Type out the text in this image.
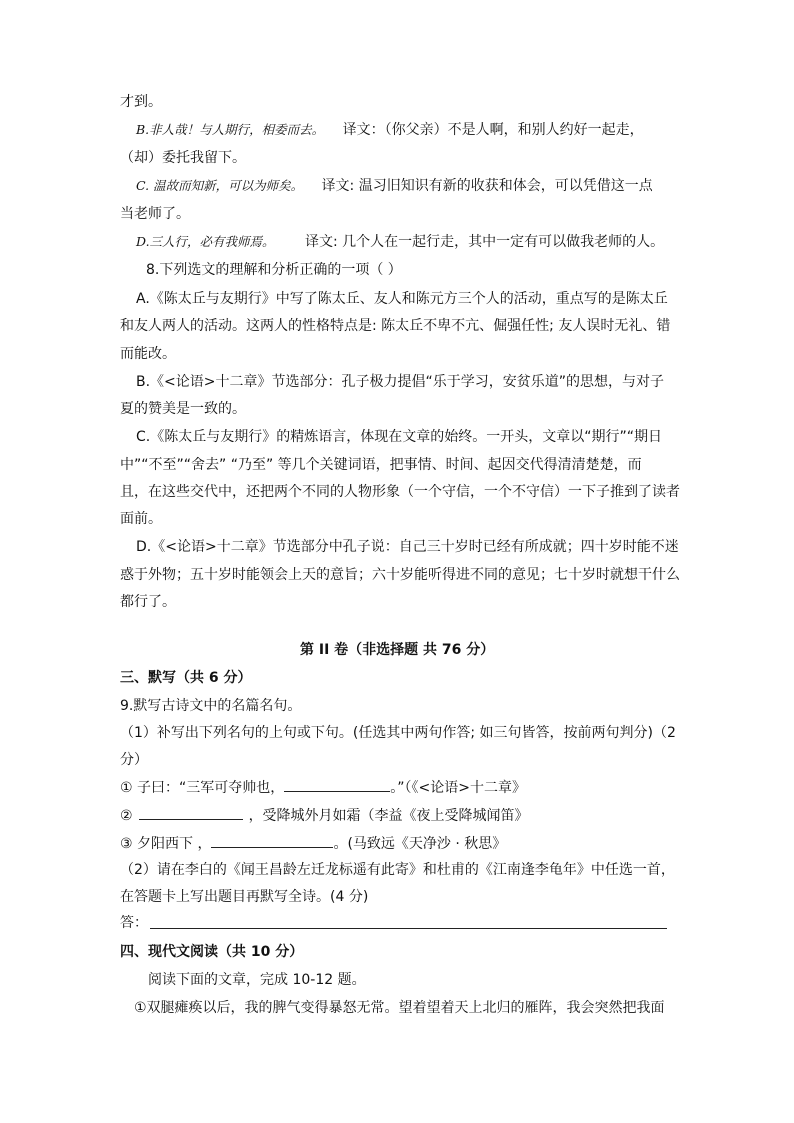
才到。
B.非人哉！与人期行，相委而去。 译文：（你父亲）不是人啊，和别人约好一起走，
（却）委托我留下。
C. 温故而知新，可以为师矣。 译文: 温习旧知识有新的收获和体会，可以凭借这一点
当老师了。
D.三人行，必有我师焉。 译文: 几个人在一起行走，其中一定有可以做我老师的人。
8.下列选文的理解和分析正确的一项（ ）
A.《陈太丘与友期行》中写了陈太丘、友人和陈元方三个人的活动，重点写的是陈太丘
和友人两人的活动。这两人的性格特点是: 陈太丘不卑不亢、倔强任性; 友人误时无礼、错
而能改。
B.《<论语>十二章》节选部分：孔子极力提倡“乐于学习，安贫乐道”的思想，与对子
夏的赞美是一致的。
C.《陈太丘与友期行》的精炼语言，体现在文章的始终。一开头，文章以“期行”“期日
中”“不至”“舍去” “乃至” 等几个关键词语，把事情、时间、起因交代得清清楚楚，而
且，在这些交代中，还把两个不同的人物形象（一个守信，一个不守信）一下子推到了读者
面前。
D.《<论语>十二章》节选部分中孔子说：自己三十岁时已经有所成就；四十岁时能不迷
惑于外物；五十岁时能领会上天的意旨；六十岁能听得进不同的意见；七十岁时就想干什么
都行了。
第 II 卷（非选择题 共 76 分）
三、默写（共 6 分）
9.默写古诗文中的名篇名句。
（1）补写出下列名句的上句或下句。(任选其中两句作答; 如三句皆答，按前两句判分)（2
分）
① 子曰：“三军可夺帅也，	。”（《<论语>十二章》
②	，受降城外月如霜（李益《夜上受降城闻笛》
③ 夕阳西下 ，	。(马致远《天净沙 · 秋思》
（2）请在李白的《闻王昌龄左迁龙标遥有此寄》和杜甫的《江南逢李龟年》中任选一首，
在答题卡上写出题目再默写全诗。(4 分)
答：
四、现代文阅读（共 10 分）
阅读下面的文章，完成 10-12 题。
①双腿瘫痪以后，我的脾气变得暴怒无常。望着望着天上北归的雁阵，我会突然把我面
